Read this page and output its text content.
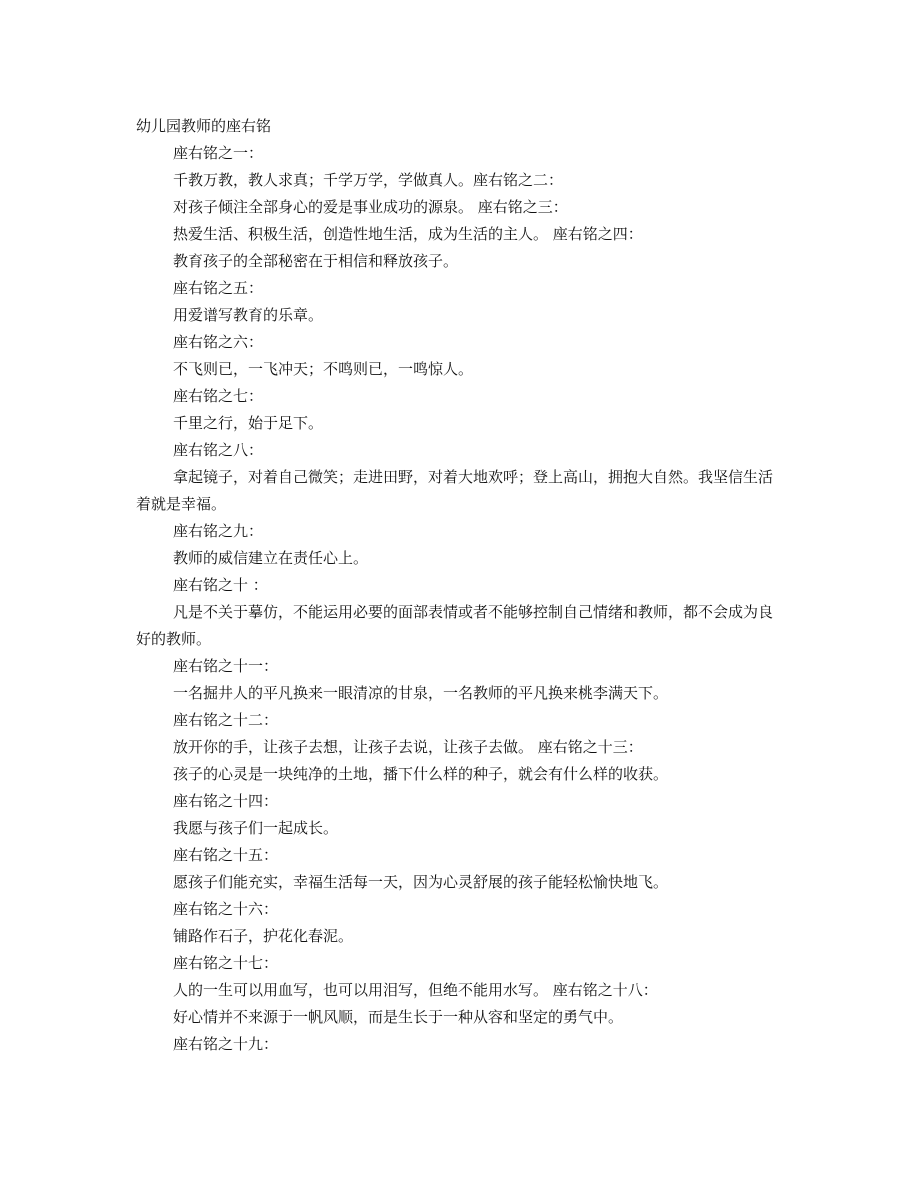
幼儿园教师的座右铭

座右铭之一：

千教万教，教人求真；千学万学，学做真人。座右铭之二：

对孩子倾注全部身心的爱是事业成功的源泉。 座右铭之三：

热爱生活、积极生活，创造性地生活，成为生活的主人。 座右铭之四：

教育孩子的全部秘密在于相信和释放孩子。

座右铭之五：

用爱谱写教育的乐章。

座右铭之六：

不飞则已，一飞冲天；不鸣则已，一鸣惊人。

座右铭之七：

千里之行，始于足下。

座右铭之八：

拿起镜子，对着自己微笑；走进田野，对着大地欢呼；登上高山，拥抱大自然。我坚信生活着就是幸福。

座右铭之九：

教师的威信建立在责任心上。

座右铭之十 ：

凡是不关于摹仿，不能运用必要的面部表情或者不能够控制自己情绪和教师，都不会成为良好的教师。

座右铭之十一：

一名掘井人的平凡换来一眼清凉的甘泉，一名教师的平凡换来桃李满天下。

座右铭之十二：

放开你的手，让孩子去想，让孩子去说，让孩子去做。 座右铭之十三：

孩子的心灵是一块纯净的土地，播下什么样的种子，就会有什么样的收获。

座右铭之十四：

我愿与孩子们一起成长。

座右铭之十五：

愿孩子们能充实，幸福生活每一天，因为心灵舒展的孩子能轻松愉快地飞。

座右铭之十六：

铺路作石子，护花化春泥。

座右铭之十七：

人的一生可以用血写，也可以用泪写，但绝不能用水写。 座右铭之十八：

好心情并不来源于一帆风顺，而是生长于一种从容和坚定的勇气中。

座右铭之十九：
